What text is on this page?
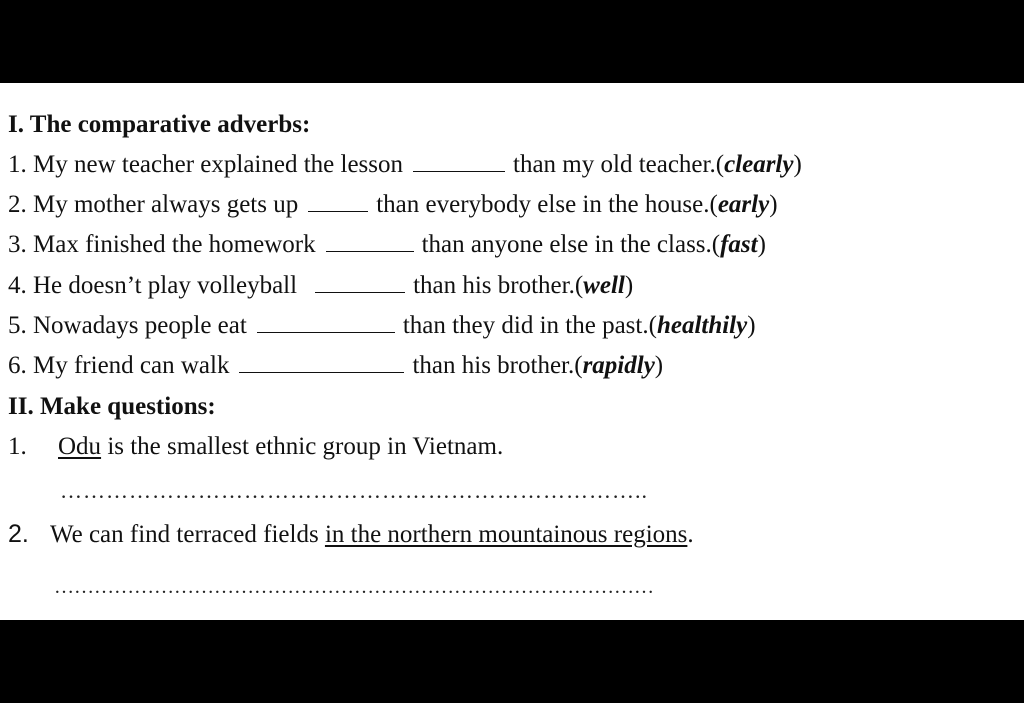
I. The comparative adverbs:
1. My new teacher explained the lesson	than my old teacher.(clearly)
2. My mother always gets up	than everybody else in the house.(early)
3. Max finished the homework	than anyone else in the class.(fast)
4. He doesn’t play volleyball	than his brother.(well)
5. Nowadays people eat	than they did in the past.(healthily)
6. My friend can walk	than his brother.(rapidly)
II. Make questions:
1. Odu is the smallest ethnic group in Vietnam.
…………………………………………………………………..
2. We can find terraced fields in the northern mountainous regions.
………………………………………………………………………………
